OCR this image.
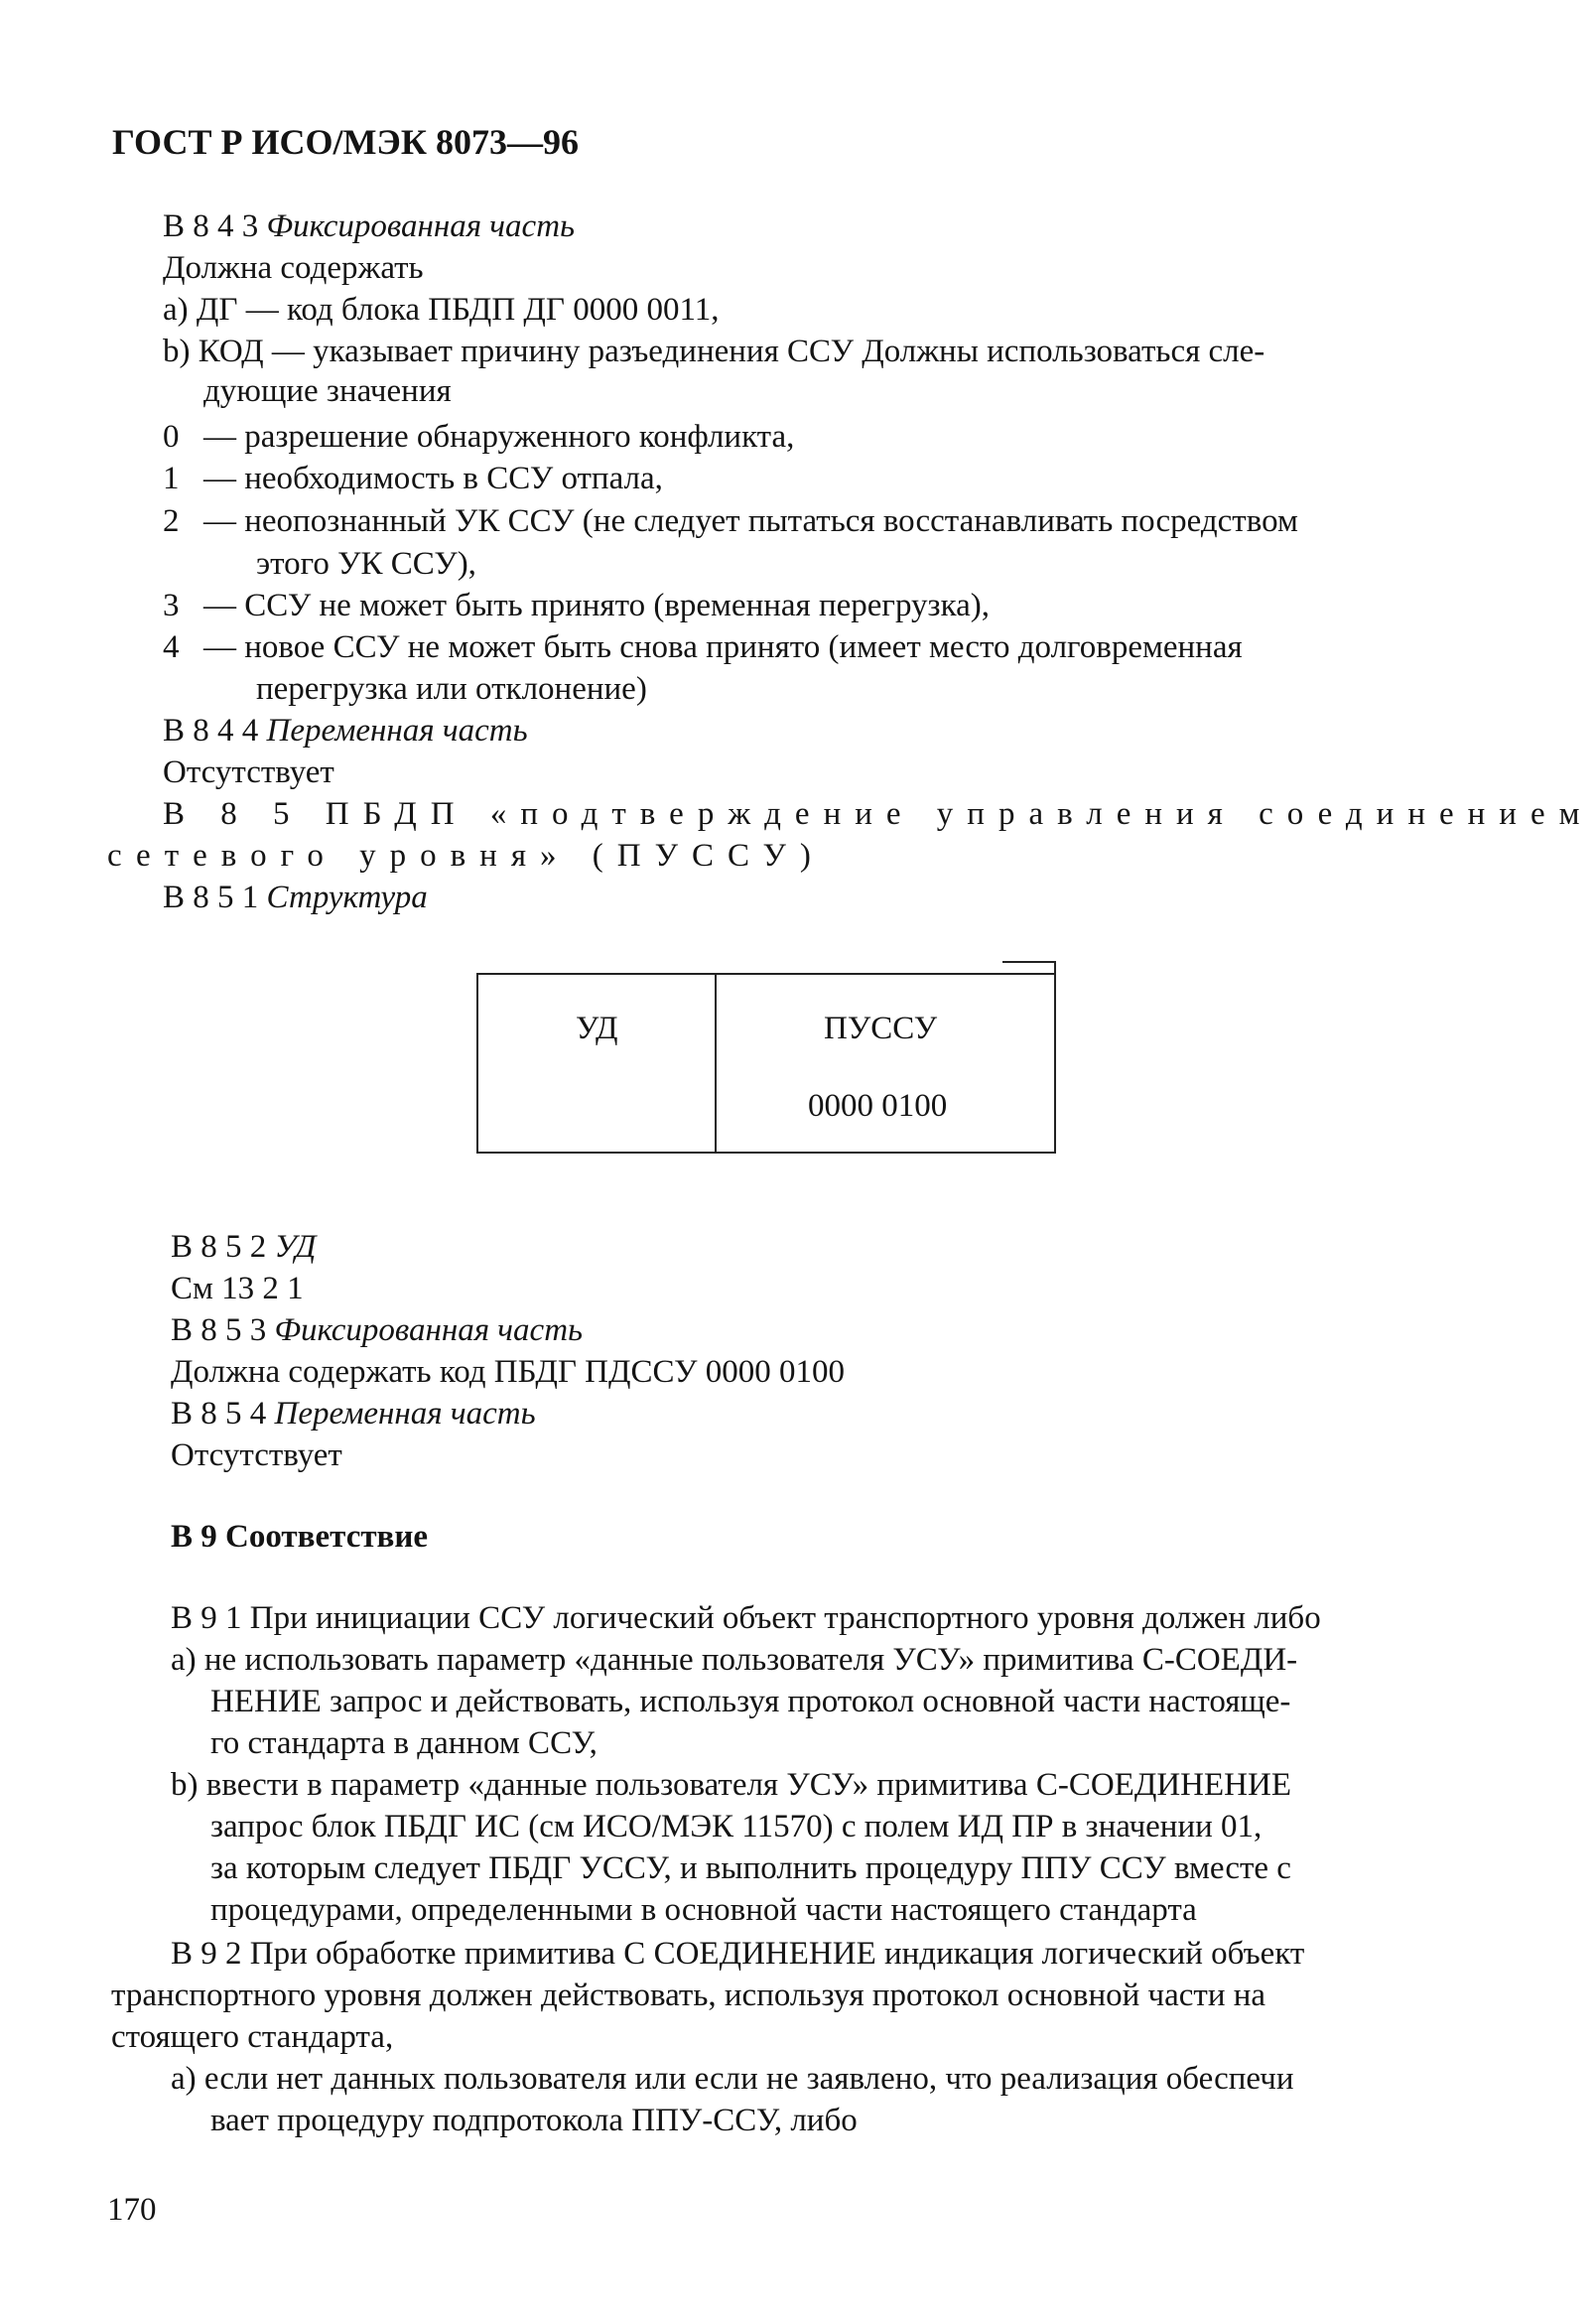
ГОСТ Р ИСО/МЭК 8073—96
В 8 4 3 Фиксированная часть
Должна содержать
а) ДГ — код блока ПБДП ДГ 0000 0011,
b) КОД — указывает причину разъединения ССУ Должны использоваться сле-
дующие значения
0 — разрешение обнаруженного конфликта,
1 — необходимость в ССУ отпала,
2 — неопознанный УК ССУ (не следует пытаться восстанавливать посредством
этого УК ССУ),
3 — ССУ не может быть принято (временная перегрузка),
4 — новое ССУ не может быть снова принято (имеет место долговременная
перегрузка или отклонение)
В 8 4 4 Переменная часть
Отсутствует
В 8 5 ПБДП «подтверждение управления соединением
сетевого уровня» (ПУССУ)
В 8 5 1 Структура
УД	ПУССУ
0000 0100
В 8 5 2 УД
См 13 2 1
В 8 5 3 Фиксированная часть
Должна содержать код ПБДГ ПДССУ 0000 0100
В 8 5 4 Переменная часть
Отсутствует
В 9 Соответствие
В 9 1 При инициации ССУ логический объект транспортного уровня должен либо
а) не использовать параметр «данные пользователя УСУ» примитива С-СОЕДИ-
НЕНИЕ запрос и действовать, используя протокол основной части настояще-
го стандарта в данном ССУ,
b) ввести в параметр «данные пользователя УСУ» примитива С-СОЕДИНЕНИЕ
запрос блок ПБДГ ИС (см ИСО/МЭК 11570) с полем ИД ПР в значении 01,
за которым следует ПБДГ УССУ, и выполнить процедуру ППУ ССУ вместе с
процедурами, определенными в основной части настоящего стандарта
В 9 2 При обработке примитива С СОЕДИНЕНИЕ индикация логический объект
транспортного уровня должен действовать, используя протокол основной части на
стоящего стандарта,
а) если нет данных пользователя или если не заявлено, что реализация обеспечи
вает процедуру подпротокола ППУ-ССУ, либо
170
